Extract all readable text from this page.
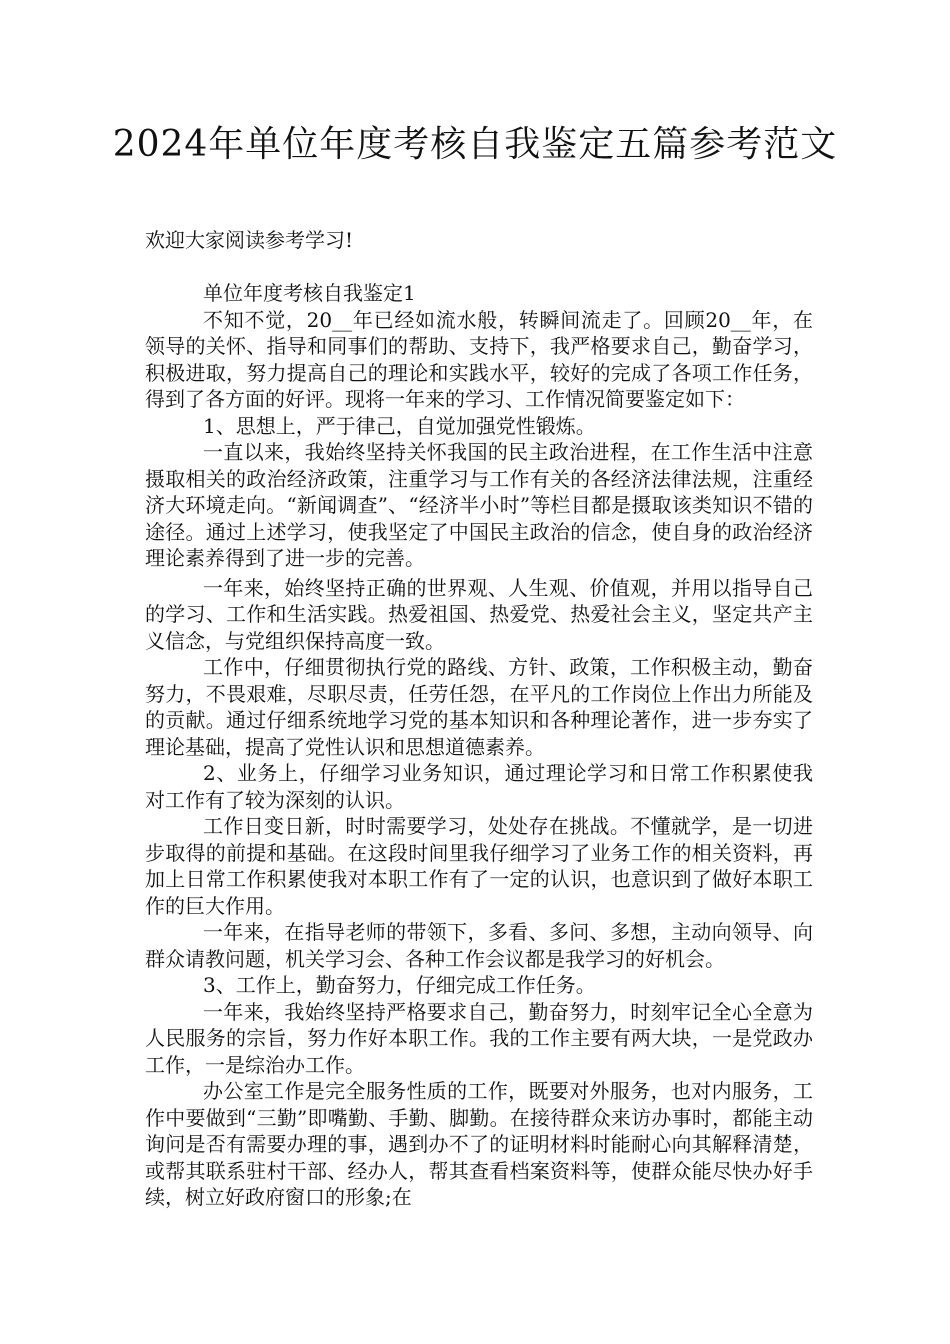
2024年单位年度考核自我鉴定五篇参考范文

欢迎大家阅读参考学习!

单位年度考核自我鉴定1

不知不觉，20__年已经如流水般，转瞬间流走了。回顾20__年，在领导的关怀、指导和同事们的帮助、支持下，我严格要求自己，勤奋学习，积极进取，努力提高自己的理论和实践水平，较好的完成了各项工作任务，得到了各方面的好评。现将一年来的学习、工作情况简要鉴定如下：

1、思想上，严于律己，自觉加强党性锻炼。

一直以来，我始终坚持关怀我国的民主政治进程，在工作生活中注意摄取相关的政治经济政策，注重学习与工作有关的各经济法律法规，注重经济大环境走向。“新闻调查”、“经济半小时”等栏目都是摄取该类知识不错的途径。通过上述学习，使我坚定了中国民主政治的信念，使自身的政治经济理论素养得到了进一步的完善。

一年来，始终坚持正确的世界观、人生观、价值观，并用以指导自己的学习、工作和生活实践。热爱祖国、热爱党、热爱社会主义，坚定共产主义信念，与党组织保持高度一致。

工作中，仔细贯彻执行党的路线、方针、政策，工作积极主动，勤奋努力，不畏艰难，尽职尽责，任劳任怨，在平凡的工作岗位上作出力所能及的贡献。通过仔细系统地学习党的基本知识和各种理论著作，进一步夯实了理论基础，提高了党性认识和思想道德素养。

2、业务上，仔细学习业务知识，通过理论学习和日常工作积累使我对工作有了较为深刻的认识。

工作日变日新，时时需要学习，处处存在挑战。不懂就学，是一切进步取得的前提和基础。在这段时间里我仔细学习了业务工作的相关资料，再加上日常工作积累使我对本职工作有了一定的认识，也意识到了做好本职工作的巨大作用。

一年来，在指导老师的带领下，多看、多问、多想，主动向领导、向群众请教问题，机关学习会、各种工作会议都是我学习的好机会。

3、工作上，勤奋努力，仔细完成工作任务。

一年来，我始终坚持严格要求自己，勤奋努力，时刻牢记全心全意为人民服务的宗旨，努力作好本职工作。我的工作主要有两大块，一是党政办工作，一是综治办工作。

办公室工作是完全服务性质的工作，既要对外服务，也对内服务，工作中要做到“三勤”即嘴勤、手勤、脚勤。在接待群众来访办事时，都能主动询问是否有需要办理的事，遇到办不了的证明材料时能耐心向其解释清楚，或帮其联系驻村干部、经办人，帮其查看档案资料等，使群众能尽快办好手续，树立好政府窗口的形象;在
